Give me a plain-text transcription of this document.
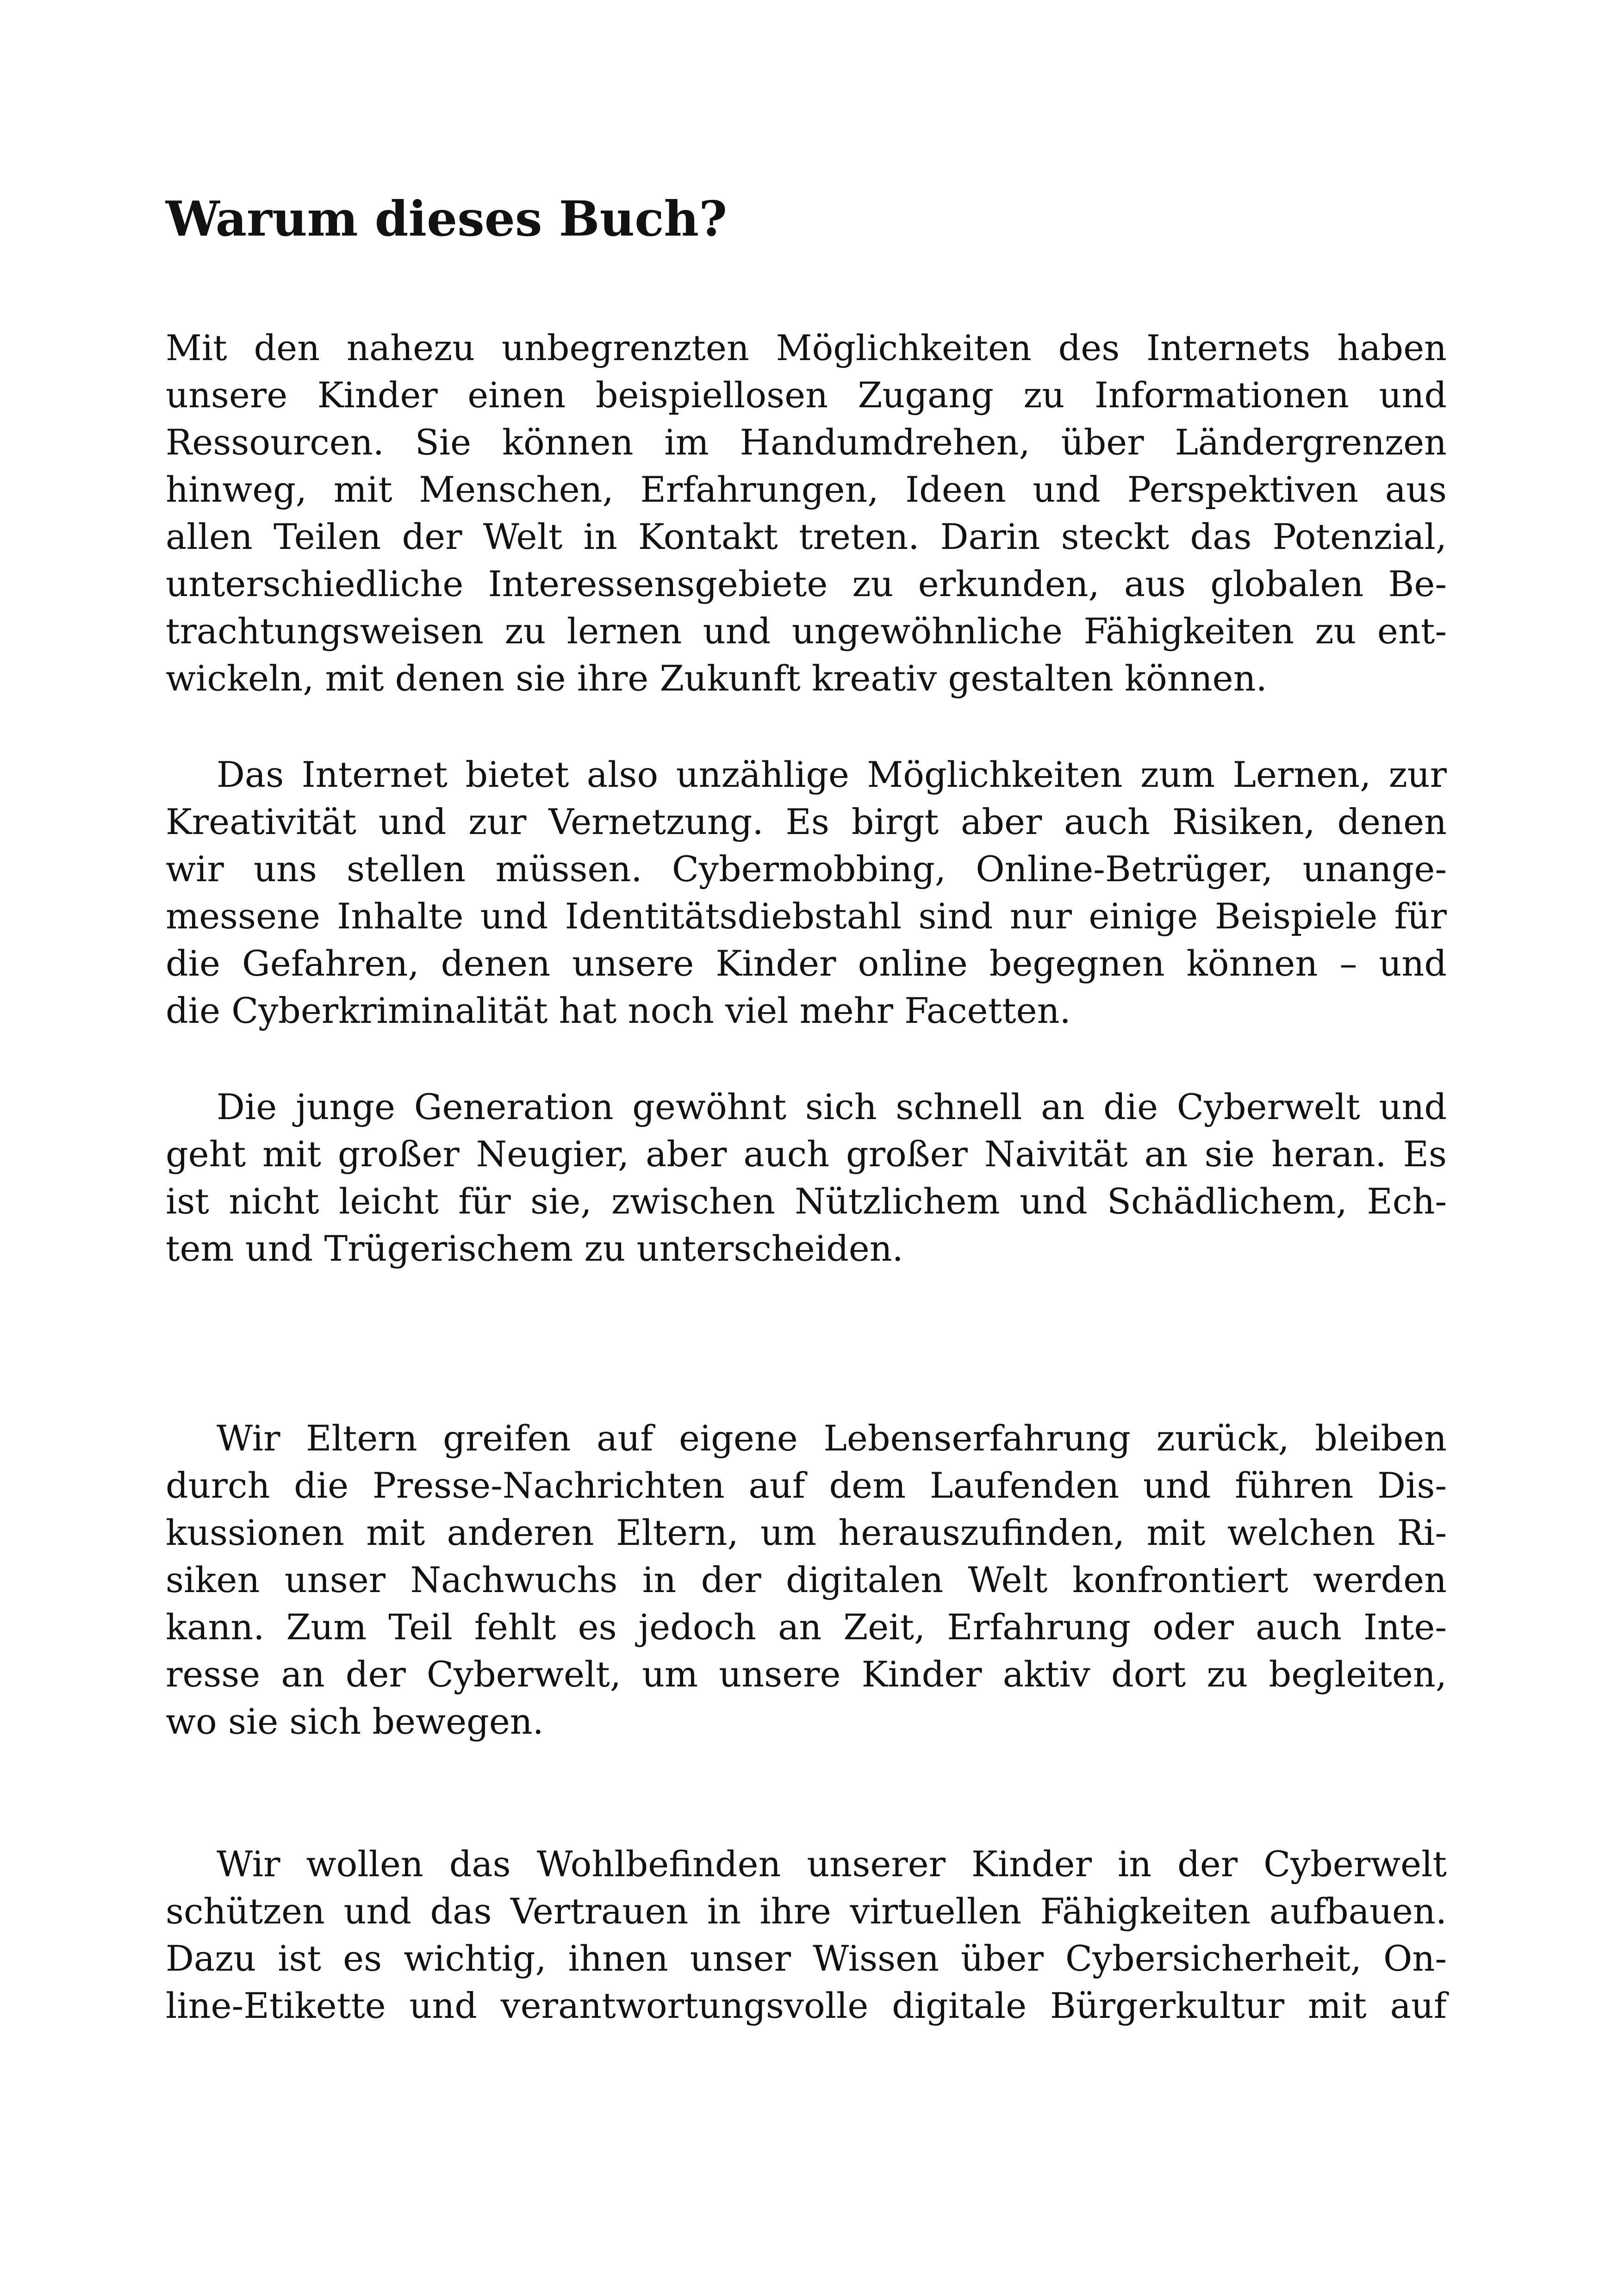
Warum dieses Buch?

Mit den nahezu unbegrenzten Möglichkeiten des Internets haben

unsere Kinder einen beispiellosen Zugang zu Informationen und

Ressourcen. Sie können im Handumdrehen, über Ländergrenzen

hinweg, mit Menschen, Erfahrungen, Ideen und Perspektiven aus

allen Teilen der Welt in Kontakt treten. Darin steckt das Potenzial,

unterschiedliche Interessensgebiete zu erkunden, aus globalen Be-

trachtungsweisen zu lernen und ungewöhnliche Fähigkeiten zu ent-

wickeln, mit denen sie ihre Zukunft kreativ gestalten können.

Das Internet bietet also unzählige Möglichkeiten zum Lernen, zur

Kreativität und zur Vernetzung. Es birgt aber auch Risiken, denen

wir uns stellen müssen. Cybermobbing, Online-Betrüger, unange-

messene Inhalte und Identitätsdiebstahl sind nur einige Beispiele für

die Gefahren, denen unsere Kinder online begegnen können – und

die Cyberkriminalität hat noch viel mehr Facetten.

Die junge Generation gewöhnt sich schnell an die Cyberwelt und

geht mit großer Neugier, aber auch großer Naivität an sie heran. Es

ist nicht leicht für sie, zwischen Nützlichem und Schädlichem, Ech-

tem und Trügerischem zu unterscheiden.

Wir Eltern greifen auf eigene Lebenserfahrung zurück, bleiben

durch die Presse-Nachrichten auf dem Laufenden und führen Dis-

kussionen mit anderen Eltern, um herauszufinden, mit welchen Ri-

siken unser Nachwuchs in der digitalen Welt konfrontiert werden

kann. Zum Teil fehlt es jedoch an Zeit, Erfahrung oder auch Inte-

resse an der Cyberwelt, um unsere Kinder aktiv dort zu begleiten,

wo sie sich bewegen.

Wir wollen das Wohlbefinden unserer Kinder in der Cyberwelt

schützen und das Vertrauen in ihre virtuellen Fähigkeiten aufbauen.

Dazu ist es wichtig, ihnen unser Wissen über Cybersicherheit, On-

line-Etikette und verantwortungsvolle digitale Bürgerkultur mit auf
